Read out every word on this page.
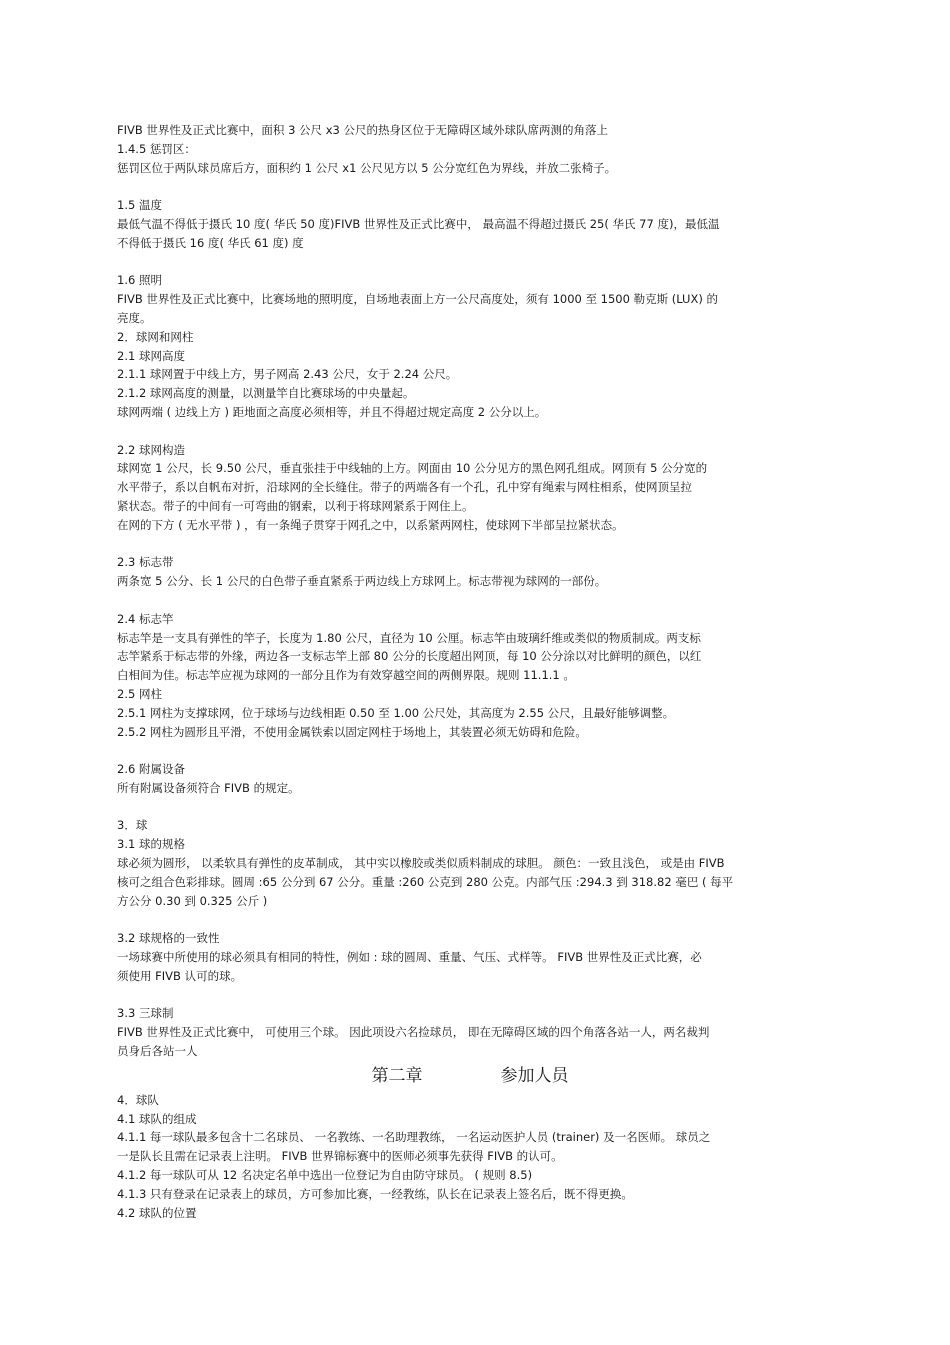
FIVB 世界性及正式比赛中，面积 3 公尺 x3 公尺的热身区位于无障碍区域外球队席两测的角落上
1.4.5 惩罚区：
惩罚区位于两队球员席后方，面积约 1 公尺 x1 公尺见方以 5 公分宽红色为界线，并放二张椅子。
1.5 温度
最低气温不得低于摄氏 10 度( 华氏 50 度)FIVB 世界性及正式比赛中， 最高温不得超过摄氏 25( 华氏 77 度)，最低温
不得低于摄氏 16 度( 华氏 61 度) 度
1.6 照明
FIVB 世界性及正式比赛中，比赛场地的照明度，自场地表面上方一公尺高度处，须有 1000 至 1500 勒克斯 (LUX) 的
亮度。
2．球网和网柱
2.1 球网高度
2.1.1 球网置于中线上方，男子网高 2.43 公尺，女于 2.24 公尺。
2.1.2 球网高度的测量，以测量竿自比赛球场的中央量起。
球网两端 ( 边线上方 ) 距地面之高度必须相等，并且不得超过规定高度 2 公分以上。
2.2 球网构造
球网宽 1 公尺，长 9.50 公尺，垂直张挂于中线轴的上方。网面由 10 公分见方的黑色网孔组成。网顶有 5 公分宽的
水平带子，系以自帆布对折，沿球网的全长缝住。带子的两端各有一个孔，孔中穿有绳索与网柱相系，使网顶呈拉
紧状态。带子的中间有一可弯曲的钢索，以利于将球网紧系于网住上。
在网的下方 ( 无水平带 ) ，有一条绳子贯穿于网孔之中，以系紧两网柱，使球网下半部呈拉紧状态。
2.3 标志带
两条宽 5 公分、长 1 公尺的白色带子垂直紧系于两边线上方球网上。标志带视为球网的一部份。
2.4 标志竿
标志竿是一支具有弹性的竿子，长度为 1.80 公尺，直径为 10 公厘。标志竿由玻璃纤维或类似的物质制成。两支标
志竿紧系于标志带的外缘，两边各一支标志竿上部 80 公分的长度超出网顶，每 10 公分涂以对比鲜明的颜色，以红
白相间为佳。标志竿应视为球网的一部分且作为有效穿越空间的两侧界限。规则 11.1.1 。
2.5 网柱
2.5.1 网柱为支撑球网，位于球场与边线相距 0.50 至 1.00 公尺处，其高度为 2.55 公尺，且最好能够调整。
2.5.2 网柱为圆形且平滑，不使用金属铁索以固定网柱于场地上，其装置必须无妨碍和危险。
2.6 附属设备
所有附属设备须符合 FIVB 的规定。
3．球
3.1 球的规格
球必须为圆形， 以柔软具有弹性的皮革制成， 其中实以橡胶或类似质料制成的球胆。 颜色：一致且浅色， 或是由 FIVB
核可之组合色彩排球。圆周 :65 公分到 67 公分。重量 :260 公克到 280 公克。内部气压 :294.3 到 318.82 毫巴 ( 每平
方公分 0.30 到 0.325 公斤 )
3.2 球规格的一致性
一场球赛中所使用的球必须具有相同的特性，例如 : 球的圆周、重量、气压、式样等。 FIVB 世界性及正式比赛，必
须使用 FIVB 认可的球。
3.3 三球制
FIVB 世界性及正式比赛中， 可使用三个球。 因此项设六名捡球员， 即在无障碍区域的四个角落各站一人，两名裁判
员身后各站一人
第二章	参加人员
4．球队
4.1 球队的组成
4.1.1 每一球队最多包含十二名球员、 一名教练、一名助理教练， 一名运动医护人员 (trainer) 及一名医师。 球员之
一是队长且需在记录表上注明。 FIVB 世界锦标赛中的医师必须事先获得 FIVB 的认可。
4.1.2 每一球队可从 12 名决定名单中选出一位登记为自由防守球员。 ( 规则 8.5)
4.1.3 只有登录在记录表上的球员，方可参加比赛，一经教练，队长在记录表上签名后，既不得更换。
4.2 球队的位置
